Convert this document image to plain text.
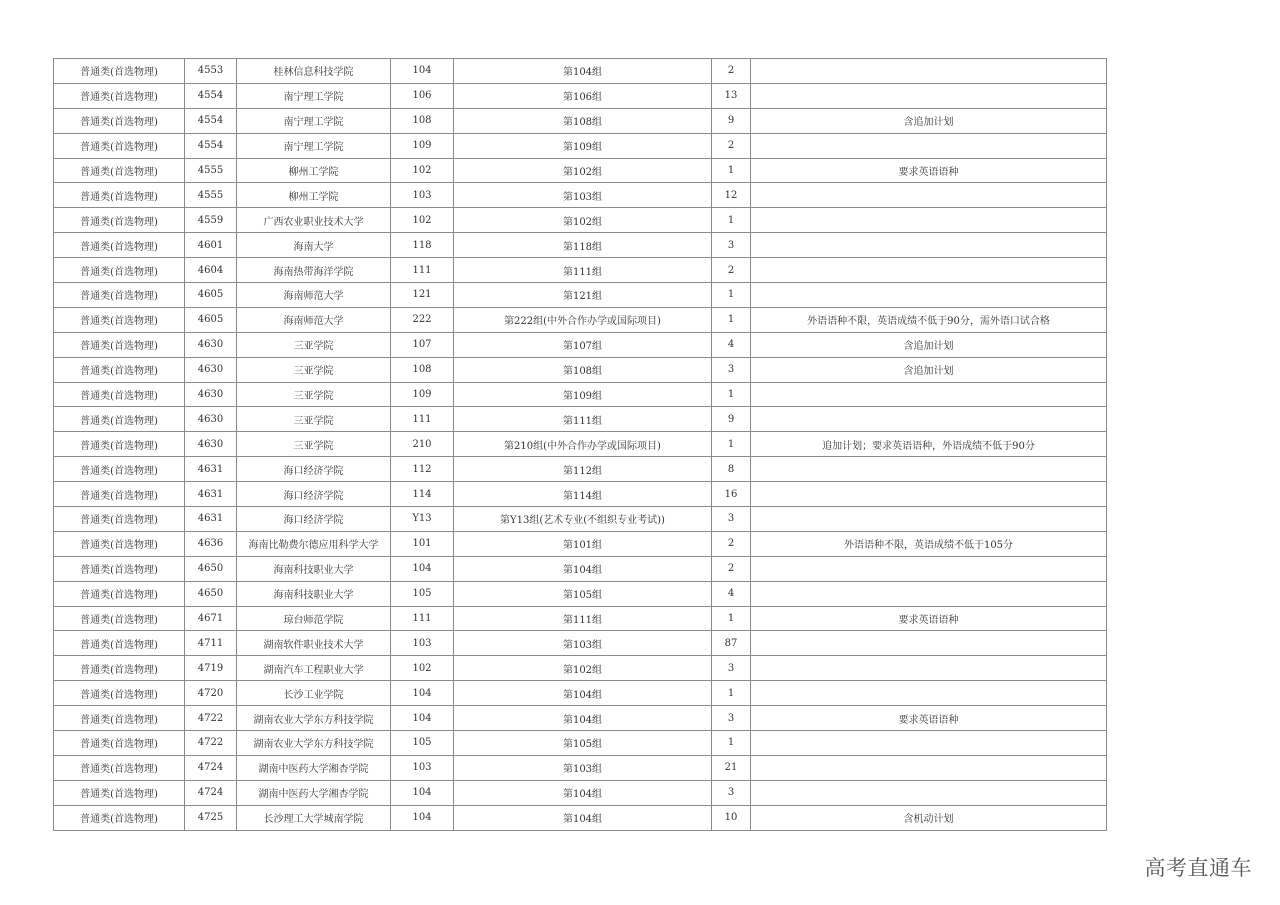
普通类(首选物理)	4553	桂林信息科技学院	104	第104组	2	
普通类(首选物理)	4554	南宁理工学院	106	第106组	13	
普通类(首选物理)	4554	南宁理工学院	108	第108组	9	含追加计划
普通类(首选物理)	4554	南宁理工学院	109	第109组	2	
普通类(首选物理)	4555	柳州工学院	102	第102组	1	要求英语语种
普通类(首选物理)	4555	柳州工学院	103	第103组	12	
普通类(首选物理)	4559	广西农业职业技术大学	102	第102组	1	
普通类(首选物理)	4601	海南大学	118	第118组	3	
普通类(首选物理)	4604	海南热带海洋学院	111	第111组	2	
普通类(首选物理)	4605	海南师范大学	121	第121组	1	
普通类(首选物理)	4605	海南师范大学	222	第222组(中外合作办学或国际项目)	1	外语语种不限，英语成绩不低于90分，需外语口试合格
普通类(首选物理)	4630	三亚学院	107	第107组	4	含追加计划
普通类(首选物理)	4630	三亚学院	108	第108组	3	含追加计划
普通类(首选物理)	4630	三亚学院	109	第109组	1	
普通类(首选物理)	4630	三亚学院	111	第111组	9	
普通类(首选物理)	4630	三亚学院	210	第210组(中外合作办学或国际项目)	1	追加计划；要求英语语种，外语成绩不低于90分
普通类(首选物理)	4631	海口经济学院	112	第112组	8	
普通类(首选物理)	4631	海口经济学院	114	第114组	16	
普通类(首选物理)	4631	海口经济学院	Y13	第Y13组(艺术专业(不组织专业考试))	3	
普通类(首选物理)	4636	海南比勒费尔德应用科学大学	101	第101组	2	外语语种不限，英语成绩不低于105分
普通类(首选物理)	4650	海南科技职业大学	104	第104组	2	
普通类(首选物理)	4650	海南科技职业大学	105	第105组	4	
普通类(首选物理)	4671	琼台师范学院	111	第111组	1	要求英语语种
普通类(首选物理)	4711	湖南软件职业技术大学	103	第103组	87	
普通类(首选物理)	4719	湖南汽车工程职业大学	102	第102组	3	
普通类(首选物理)	4720	长沙工业学院	104	第104组	1	
普通类(首选物理)	4722	湖南农业大学东方科技学院	104	第104组	3	要求英语语种
普通类(首选物理)	4722	湖南农业大学东方科技学院	105	第105组	1	
普通类(首选物理)	4724	湖南中医药大学湘杏学院	103	第103组	21	
普通类(首选物理)	4724	湖南中医药大学湘杏学院	104	第104组	3	
普通类(首选物理)	4725	长沙理工大学城南学院	104	第104组	10	含机动计划
高考直通车
